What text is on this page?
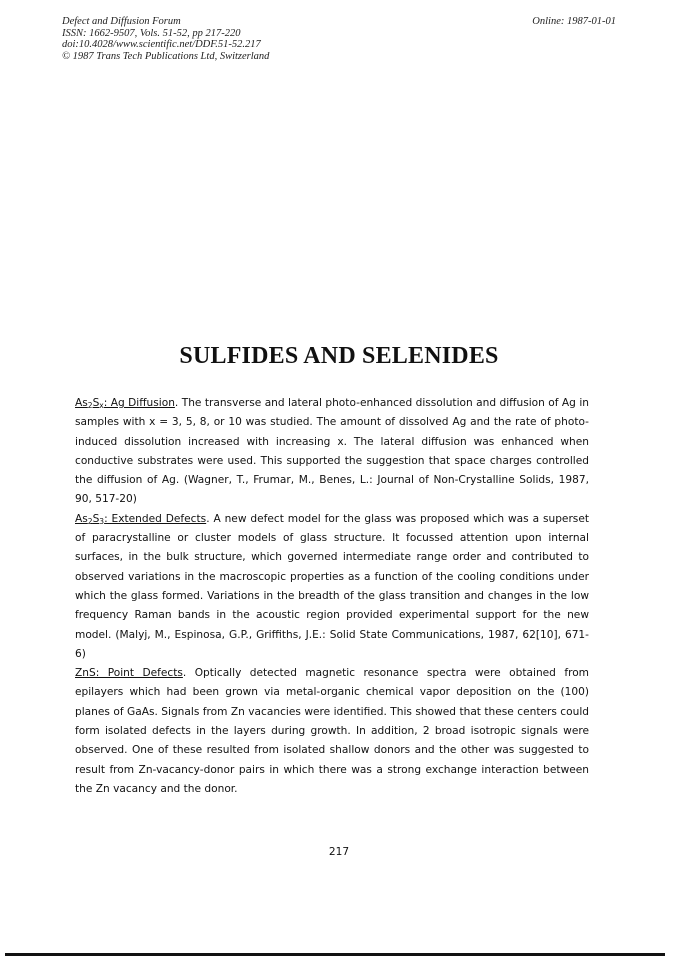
Defect and Diffusion Forum
ISSN: 1662-9507, Vols. 51-52, pp 217-220
doi:10.4028/www.scientific.net/DDF.51-52.217
© 1987 Trans Tech Publications Ltd, Switzerland
Online: 1987-01-01
SULFIDES AND SELENIDES

$As_2S_x$: Ag Diffusion. The transverse and lateral photo-enhanced dissolution and diffusion of Ag in samples with x = 3, 5, 8, or 10 was studied. The amount of dissolved Ag and the rate of photo-induced dissolution increased with increasing x. The lateral diffusion was enhanced when conductive substrates were used. This supported the suggestion that space charges controlled the diffusion of Ag. (Wagner, T., Frumar, M., Benes, L.: Journal of Non-Crystalline Solids, 1987, 90, 517-20)

$As_2S_3$: Extended Defects. A new defect model for the glass was proposed which was a superset of paracrystalline or cluster models of glass structure. It focussed attention upon internal surfaces, in the bulk structure, which governed intermediate range order and contributed to observed variations in the macroscopic properties as a function of the cooling conditions under which the glass formed. Variations in the breadth of the glass transition and changes in the low frequency Raman bands in the acoustic region provided experimental support for the new model. (Malyj, M., Espinosa, G.P., Griffiths, J.E.: Solid State Communications, 1987, 62[10], 671-6)

ZnS: Point Defects. Optically detected magnetic resonance spectra were obtained from epilayers which had been grown via metal-organic chemical vapor deposition on the (100) planes of GaAs. Signals from Zn vacancies were identified. This showed that these centers could form isolated defects in the layers during growth. In addition, 2 broad isotropic signals were observed. One of these resulted from isolated shallow donors and the other was suggested to result from Zn-vacancy-donor pairs in which there was a strong exchange interaction between the Zn vacancy and the donor.

217
